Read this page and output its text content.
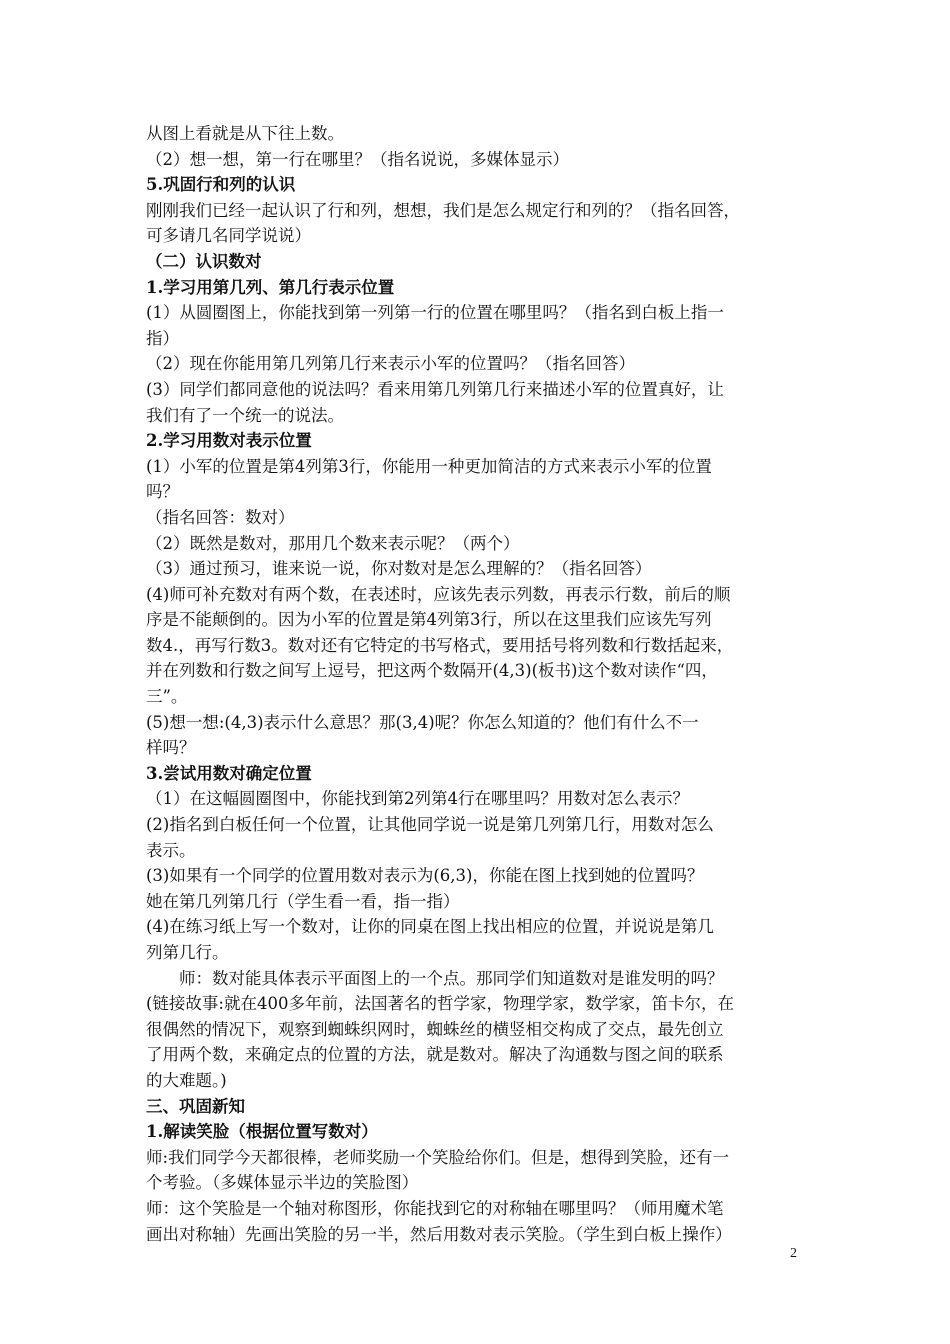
从图上看就是从下往上数。
（2）想一想，第一行在哪里？（指名说说，多媒体显示）
5.巩固行和列的认识
刚刚我们已经一起认识了行和列，想想，我们是怎么规定行和列的？（指名回答，
可多请几名同学说说）
（二）认识数对
1.学习用第几列、第几行表示位置
(1）从圆圈图上，你能找到第一列第一行的位置在哪里吗？（指名到白板上指一
指）
（2）现在你能用第几列第几行来表示小军的位置吗？（指名回答）
(3）同学们都同意他的说法吗？看来用第几列第几行来描述小军的位置真好，让
我们有了一个统一的说法。
2.学习用数对表示位置
(1）小军的位置是第4列第3行，你能用一种更加简洁的方式来表示小军的位置
吗？
（指名回答：数对）
（2）既然是数对，那用几个数来表示呢？（两个）
（3）通过预习，谁来说一说，你对数对是怎么理解的？（指名回答）
(4)师可补充数对有两个数，在表述时，应该先表示列数，再表示行数，前后的顺
序是不能颠倒的。因为小军的位置是第4列第3行，所以在这里我们应该先写列
数4.，再写行数3。数对还有它特定的书写格式，要用括号将列数和行数括起来，
并在列数和行数之间写上逗号，把这两个数隔开(4,3)(板书)这个数对读作“四，
三”。
(5)想一想:(4,3)表示什么意思？那(3,4)呢？你怎么知道的？他们有什么不一
样吗？
3.尝试用数对确定位置
（1）在这幅圆圈图中，你能找到第2列第4行在哪里吗？用数对怎么表示？
(2)指名到白板任何一个位置，让其他同学说一说是第几列第几行，用数对怎么
表示。
(3)如果有一个同学的位置用数对表示为(6,3)，你能在图上找到她的位置吗？
她在第几列第几行（学生看一看，指一指）
(4)在练习纸上写一个数对，让你的同桌在图上找出相应的位置，并说说是第几
列第几行。
师：数对能具体表示平面图上的一个点。那同学们知道数对是谁发明的吗？
(链接故事:就在400多年前，法国著名的哲学家，物理学家，数学家，笛卡尔，在
很偶然的情况下，观察到蜘蛛织网时，蜘蛛丝的横竖相交构成了交点，最先创立
了用两个数，来确定点的位置的方法，就是数对。解决了沟通数与图之间的联系
的大难题。)
三、巩固新知
1.解读笑脸（根据位置写数对）
师:我们同学今天都很棒，老师奖励一个笑脸给你们。但是，想得到笑脸，还有一
个考验。（多媒体显示半边的笑脸图）
师：这个笑脸是一个轴对称图形，你能找到它的对称轴在哪里吗？（师用魔术笔
画出对称轴）先画出笑脸的另一半，然后用数对表示笑脸。（学生到白板上操作）
2
